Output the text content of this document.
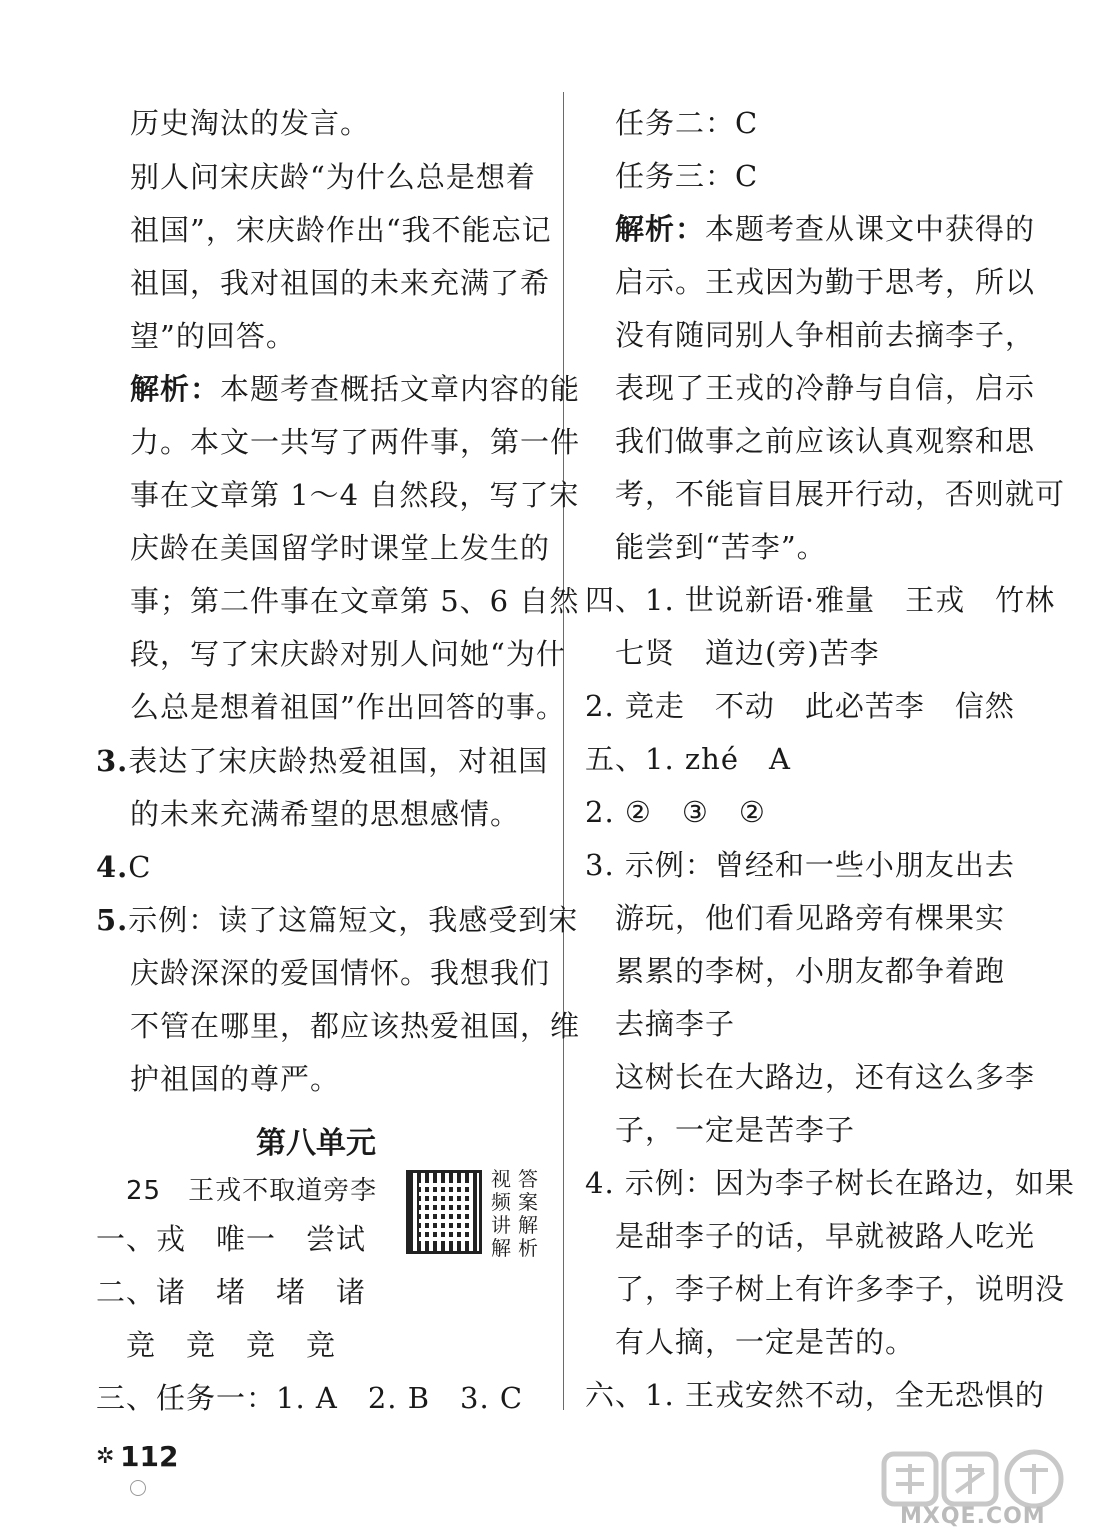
历史淘汰的发言。
别人问宋庆龄“为什么总是想着
祖国”，宋庆龄作出“我不能忘记
祖国，我对祖国的未来充满了希
望”的回答。
解析：本题考查概括文章内容的能
力。本文一共写了两件事，第一件
事在文章第 1～4 自然段，写了宋
庆龄在美国留学时课堂上发生的
事；第二件事在文章第 5、6 自然
段，写了宋庆龄对别人问她“为什
么总是想着祖国”作出回答的事。
3.表达了宋庆龄热爱祖国，对祖国
的未来充满希望的思想感情。
4.C
5.示例：读了这篇短文，我感受到宋
庆龄深深的爱国情怀。我想我们
不管在哪里，都应该热爱祖国，维
护祖国的尊严。
第八单元
25　王戎不取道旁李	视频讲解
答案解析
一、戎　唯一　尝试
二、诸　堵　堵　诸
　竞　竞　竞　竞
三、任务一：1. A　2. B　3. C
任务二：C
任务三：C
解析：本题考查从课文中获得的
启示。王戎因为勤于思考，所以
没有随同别人争相前去摘李子，
表现了王戎的冷静与自信，启示
我们做事之前应该认真观察和思
考，不能盲目展开行动，否则就可
能尝到“苦李”。
四、1. 世说新语·雅量　王戎　竹林
七贤　道边(旁)苦李
2. 竞走　不动　此必苦李　信然
五、1. zhé　A
2. ②　③　②
3. 示例：曾经和一些小朋友出去
游玩，他们看见路旁有棵果实
累累的李树，小朋友都争着跑
去摘李子
这树长在大路边，还有这么多李
子，一定是苦李子
4. 示例：因为李子树长在路边，如果
是甜李子的话，早就被路人吃光
了，李子树上有许多李子，说明没
有人摘，一定是苦的。
六、1. 王戎安然不动，全无恐惧的
✲ 112
MXQE.COM
